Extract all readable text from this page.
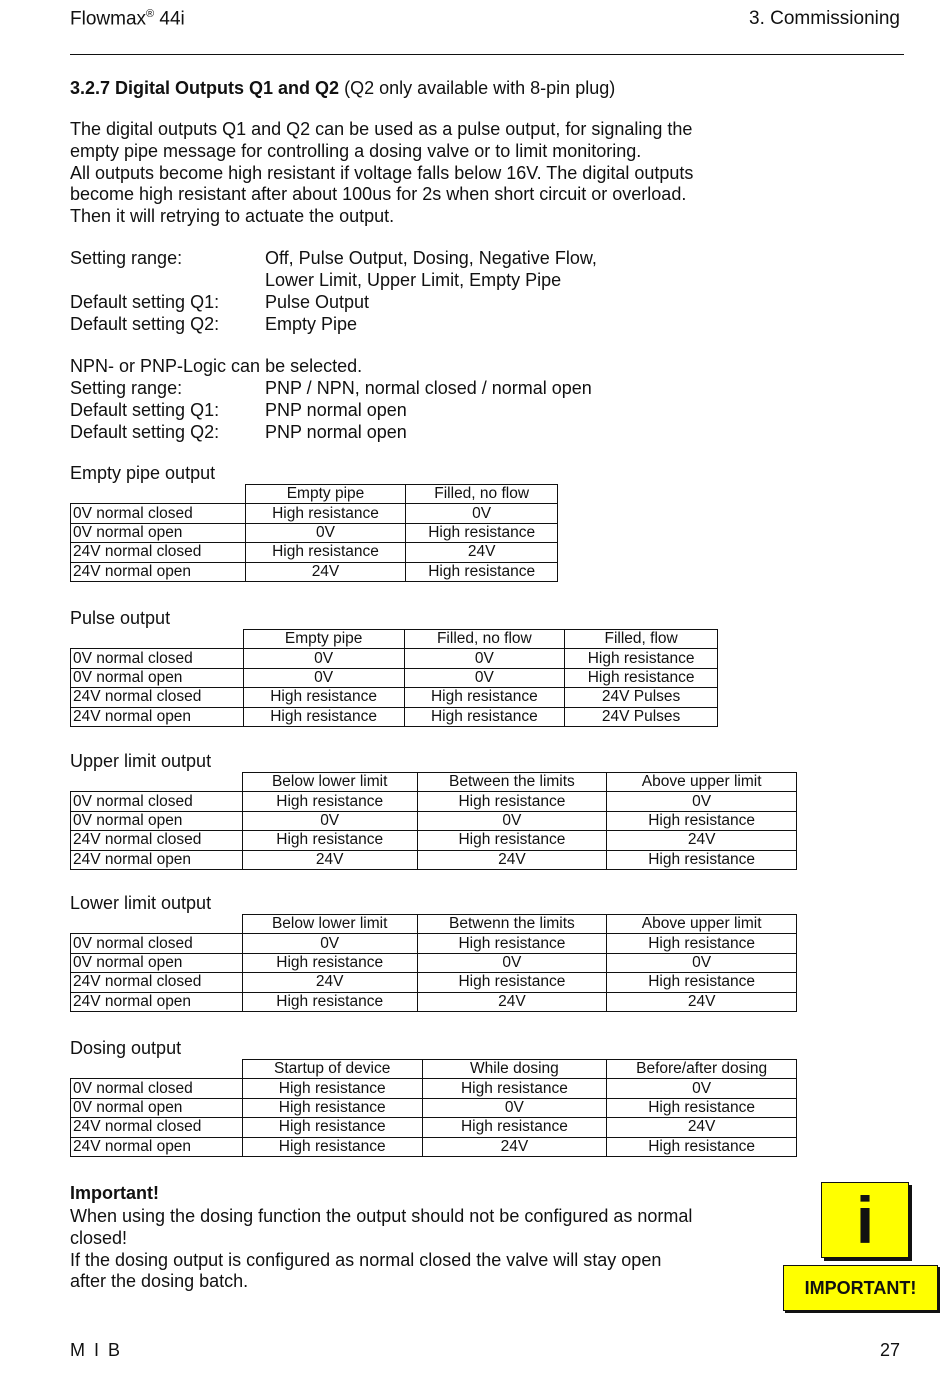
Flowmax® 44i	3. Commissioning
3.2.7 Digital Outputs Q1 and Q2 (Q2 only available with 8-pin plug)
The digital outputs Q1 and Q2 can be used as a pulse output, for signaling the
empty pipe message for controlling a dosing valve or to limit monitoring.
All outputs become high resistant if voltage falls below 16V. The digital outputs
become high resistant after about 100us for 2s when short circuit or overload.
Then it will retrying to actuate the output.
Setting range:	Off, Pulse Output, Dosing, Negative Flow,
Lower Limit, Upper Limit, Empty Pipe
Default setting Q1:	Pulse Output
Default setting Q2:	Empty Pipe
NPN- or PNP-Logic can be selected.
Setting range:	PNP / NPN, normal closed / normal open
Default setting Q1:	PNP normal open
Default setting Q2:	PNP normal open
Empty pipe output
	Empty pipe	Filled, no flow
0V normal closed	High resistance	0V
0V normal open	0V	High resistance
24V normal closed	High resistance	24V
24V normal open	24V	High resistance
Pulse output
	Empty pipe	Filled, no flow	Filled, flow
0V normal closed	0V	0V	High resistance
0V normal open	0V	0V	High resistance
24V normal closed	High resistance	High resistance	24V Pulses
24V normal open	High resistance	High resistance	24V Pulses
Upper limit output
	Below lower limit	Between the limits	Above upper limit
0V normal closed	High resistance	High resistance	0V
0V normal open	0V	0V	High resistance
24V normal closed	High resistance	High resistance	24V
24V normal open	24V	24V	High resistance
Lower limit output
	Below lower limit	Betwenn the limits	Above upper limit
0V normal closed	0V	High resistance	High resistance
0V normal open	High resistance	0V	0V
24V normal closed	24V	High resistance	High resistance
24V normal open	High resistance	24V	24V
Dosing output
	Startup of device	While dosing	Before/after dosing
0V normal closed	High resistance	High resistance	0V
0V normal open	High resistance	0V	High resistance
24V normal closed	High resistance	High resistance	24V
24V normal open	High resistance	24V	High resistance
Important!
When using the dosing function the output should not be configured as normal
closed!
If the dosing output is configured as normal closed the valve will stay open
after the dosing batch.
i
IMPORTANT!
M I B	27
